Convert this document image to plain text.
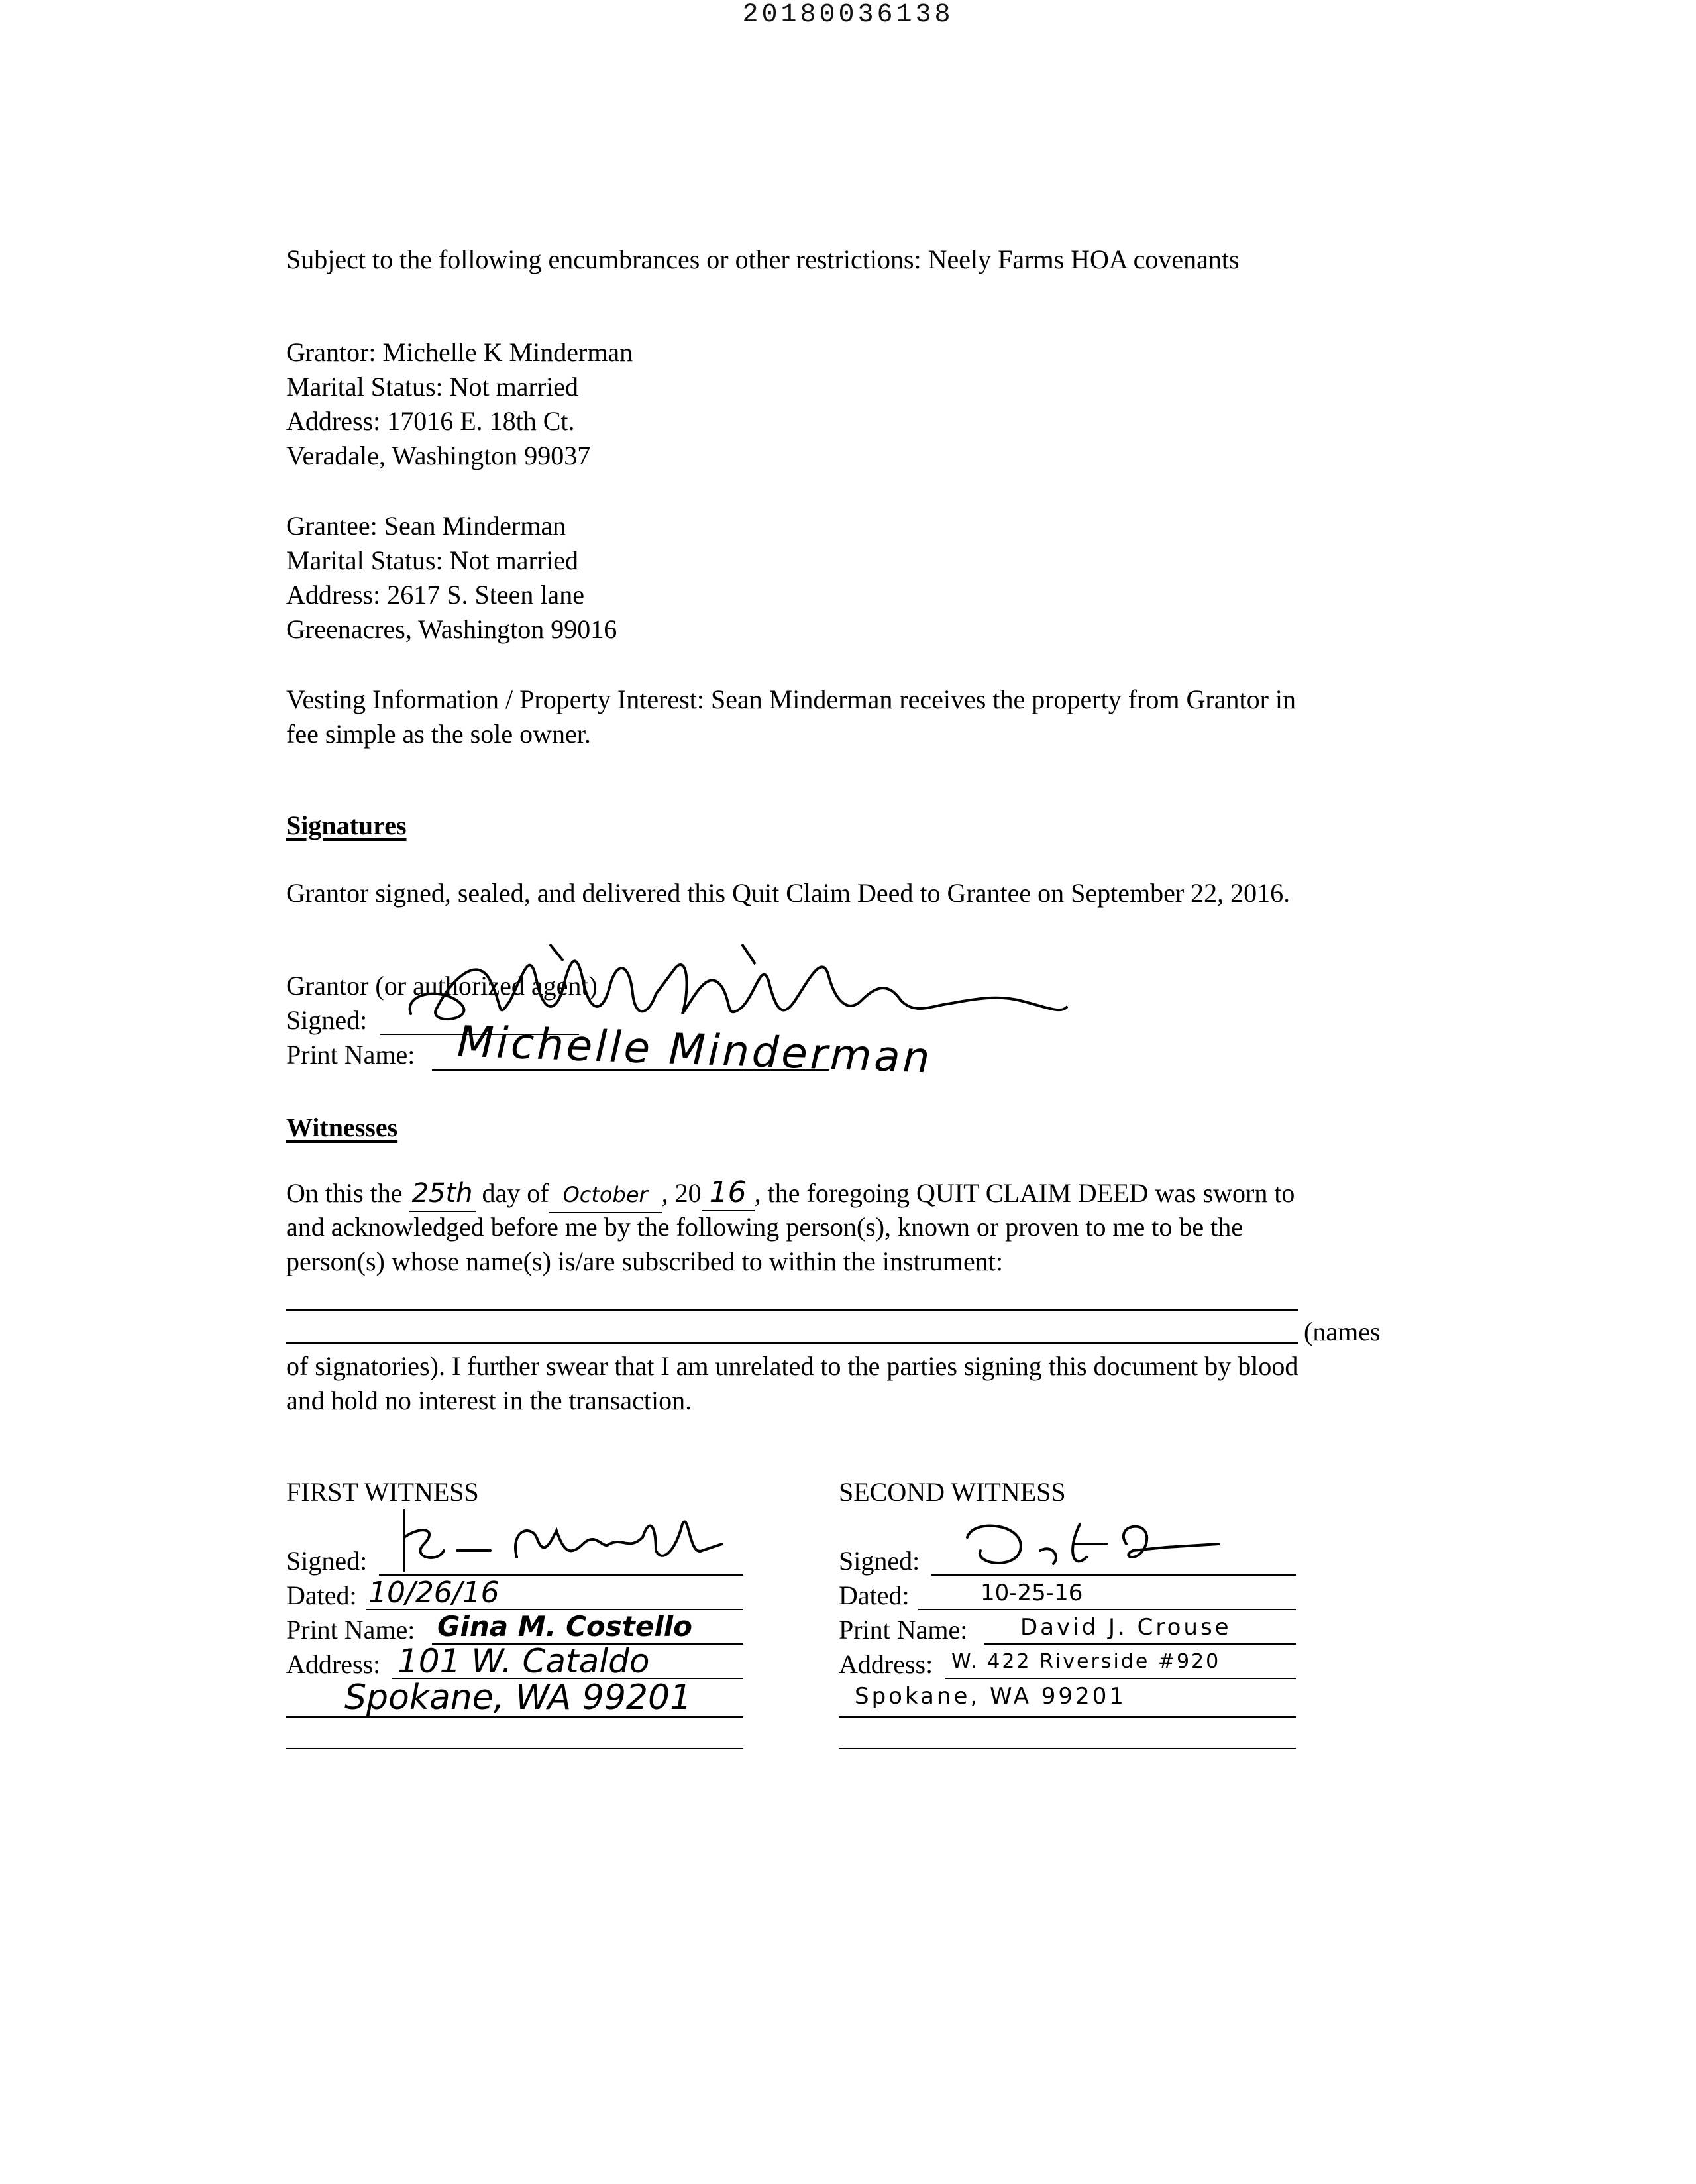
20180036138
Subject to the following encumbrances or other restrictions: Neely Farms HOA covenants
Grantor: Michelle K Minderman
Marital Status: Not married
Address: 17016 E. 18th Ct.
Veradale, Washington 99037
Grantee: Sean Minderman
Marital Status: Not married
Address: 2617 S. Steen lane
Greenacres, Washington 99016
Vesting Information / Property Interest: Sean Minderman receives the property from Grantor in
fee simple as the sole owner.
Signatures
Grantor signed, sealed, and delivered this Quit Claim Deed to Grantee on September 22, 2016.
Grantor (or authorized agent)
Signed:
Print Name: Michelle Minderman
Witnesses
On this the 25th day of October , 20 16 , the foregoing QUIT CLAIM DEED was sworn to
and acknowledged before me by the following person(s), known or proven to me to be the
person(s) whose name(s) is/are subscribed to within the instrument:
(names
of signatories). I further swear that I am unrelated to the parties signing this document by blood
and hold no interest in the transaction.
FIRST WITNESS
Signed:
Dated: 10/26/16
Print Name: Gina M. Costello
Address: 101 W. Cataldo
Spokane, WA 99201
SECOND WITNESS
Signed:
Dated:	10-25-16
Print Name: David J. Crouse
Address: W. 422 Riverside #920
Spokane, WA 99201
